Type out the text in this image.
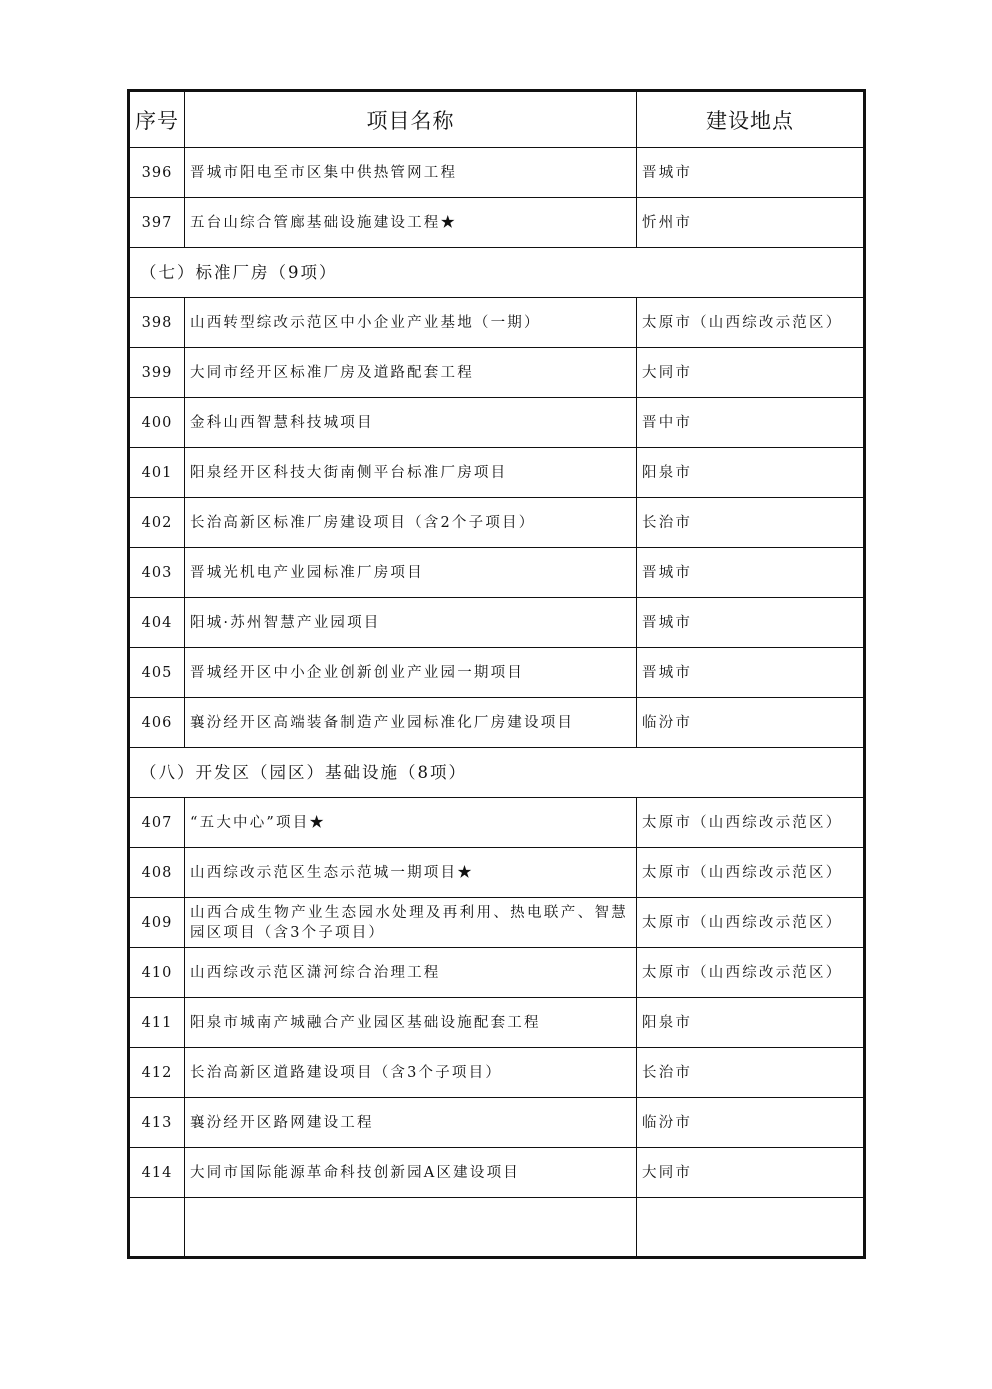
序号	项目名称	建设地点
396	晋城市阳电至市区集中供热管网工程	晋城市
397	五台山综合管廊基础设施建设工程★	忻州市
（七）标准厂房（9项）		
398	山西转型综改示范区中小企业产业基地（一期）	太原市（山西综改示范区）
399	大同市经开区标准厂房及道路配套工程	大同市
400	金科山西智慧科技城项目	晋中市
401	阳泉经开区科技大街南侧平台标准厂房项目	阳泉市
402	长治高新区标准厂房建设项目（含2个子项目）	长治市
403	晋城光机电产业园标准厂房项目	晋城市
404	阳城·苏州智慧产业园项目	晋城市
405	晋城经开区中小企业创新创业产业园一期项目	晋城市
406	襄汾经开区高端装备制造产业园标准化厂房建设项目	临汾市
（八）开发区（园区）基础设施（8项）		
407	“五大中心”项目★	太原市（山西综改示范区）
408	山西综改示范区生态示范城一期项目★	太原市（山西综改示范区）
409	山西合成生物产业生态园水处理及再利用、热电联产、智慧园区项目（含3个子项目）	太原市（山西综改示范区）
410	山西综改示范区潇河综合治理工程	太原市（山西综改示范区）
411	阳泉市城南产城融合产业园区基础设施配套工程	阳泉市
412	长治高新区道路建设项目（含3个子项目）	长治市
413	襄汾经开区路网建设工程	临汾市
414	大同市国际能源革命科技创新园A区建设项目	大同市
